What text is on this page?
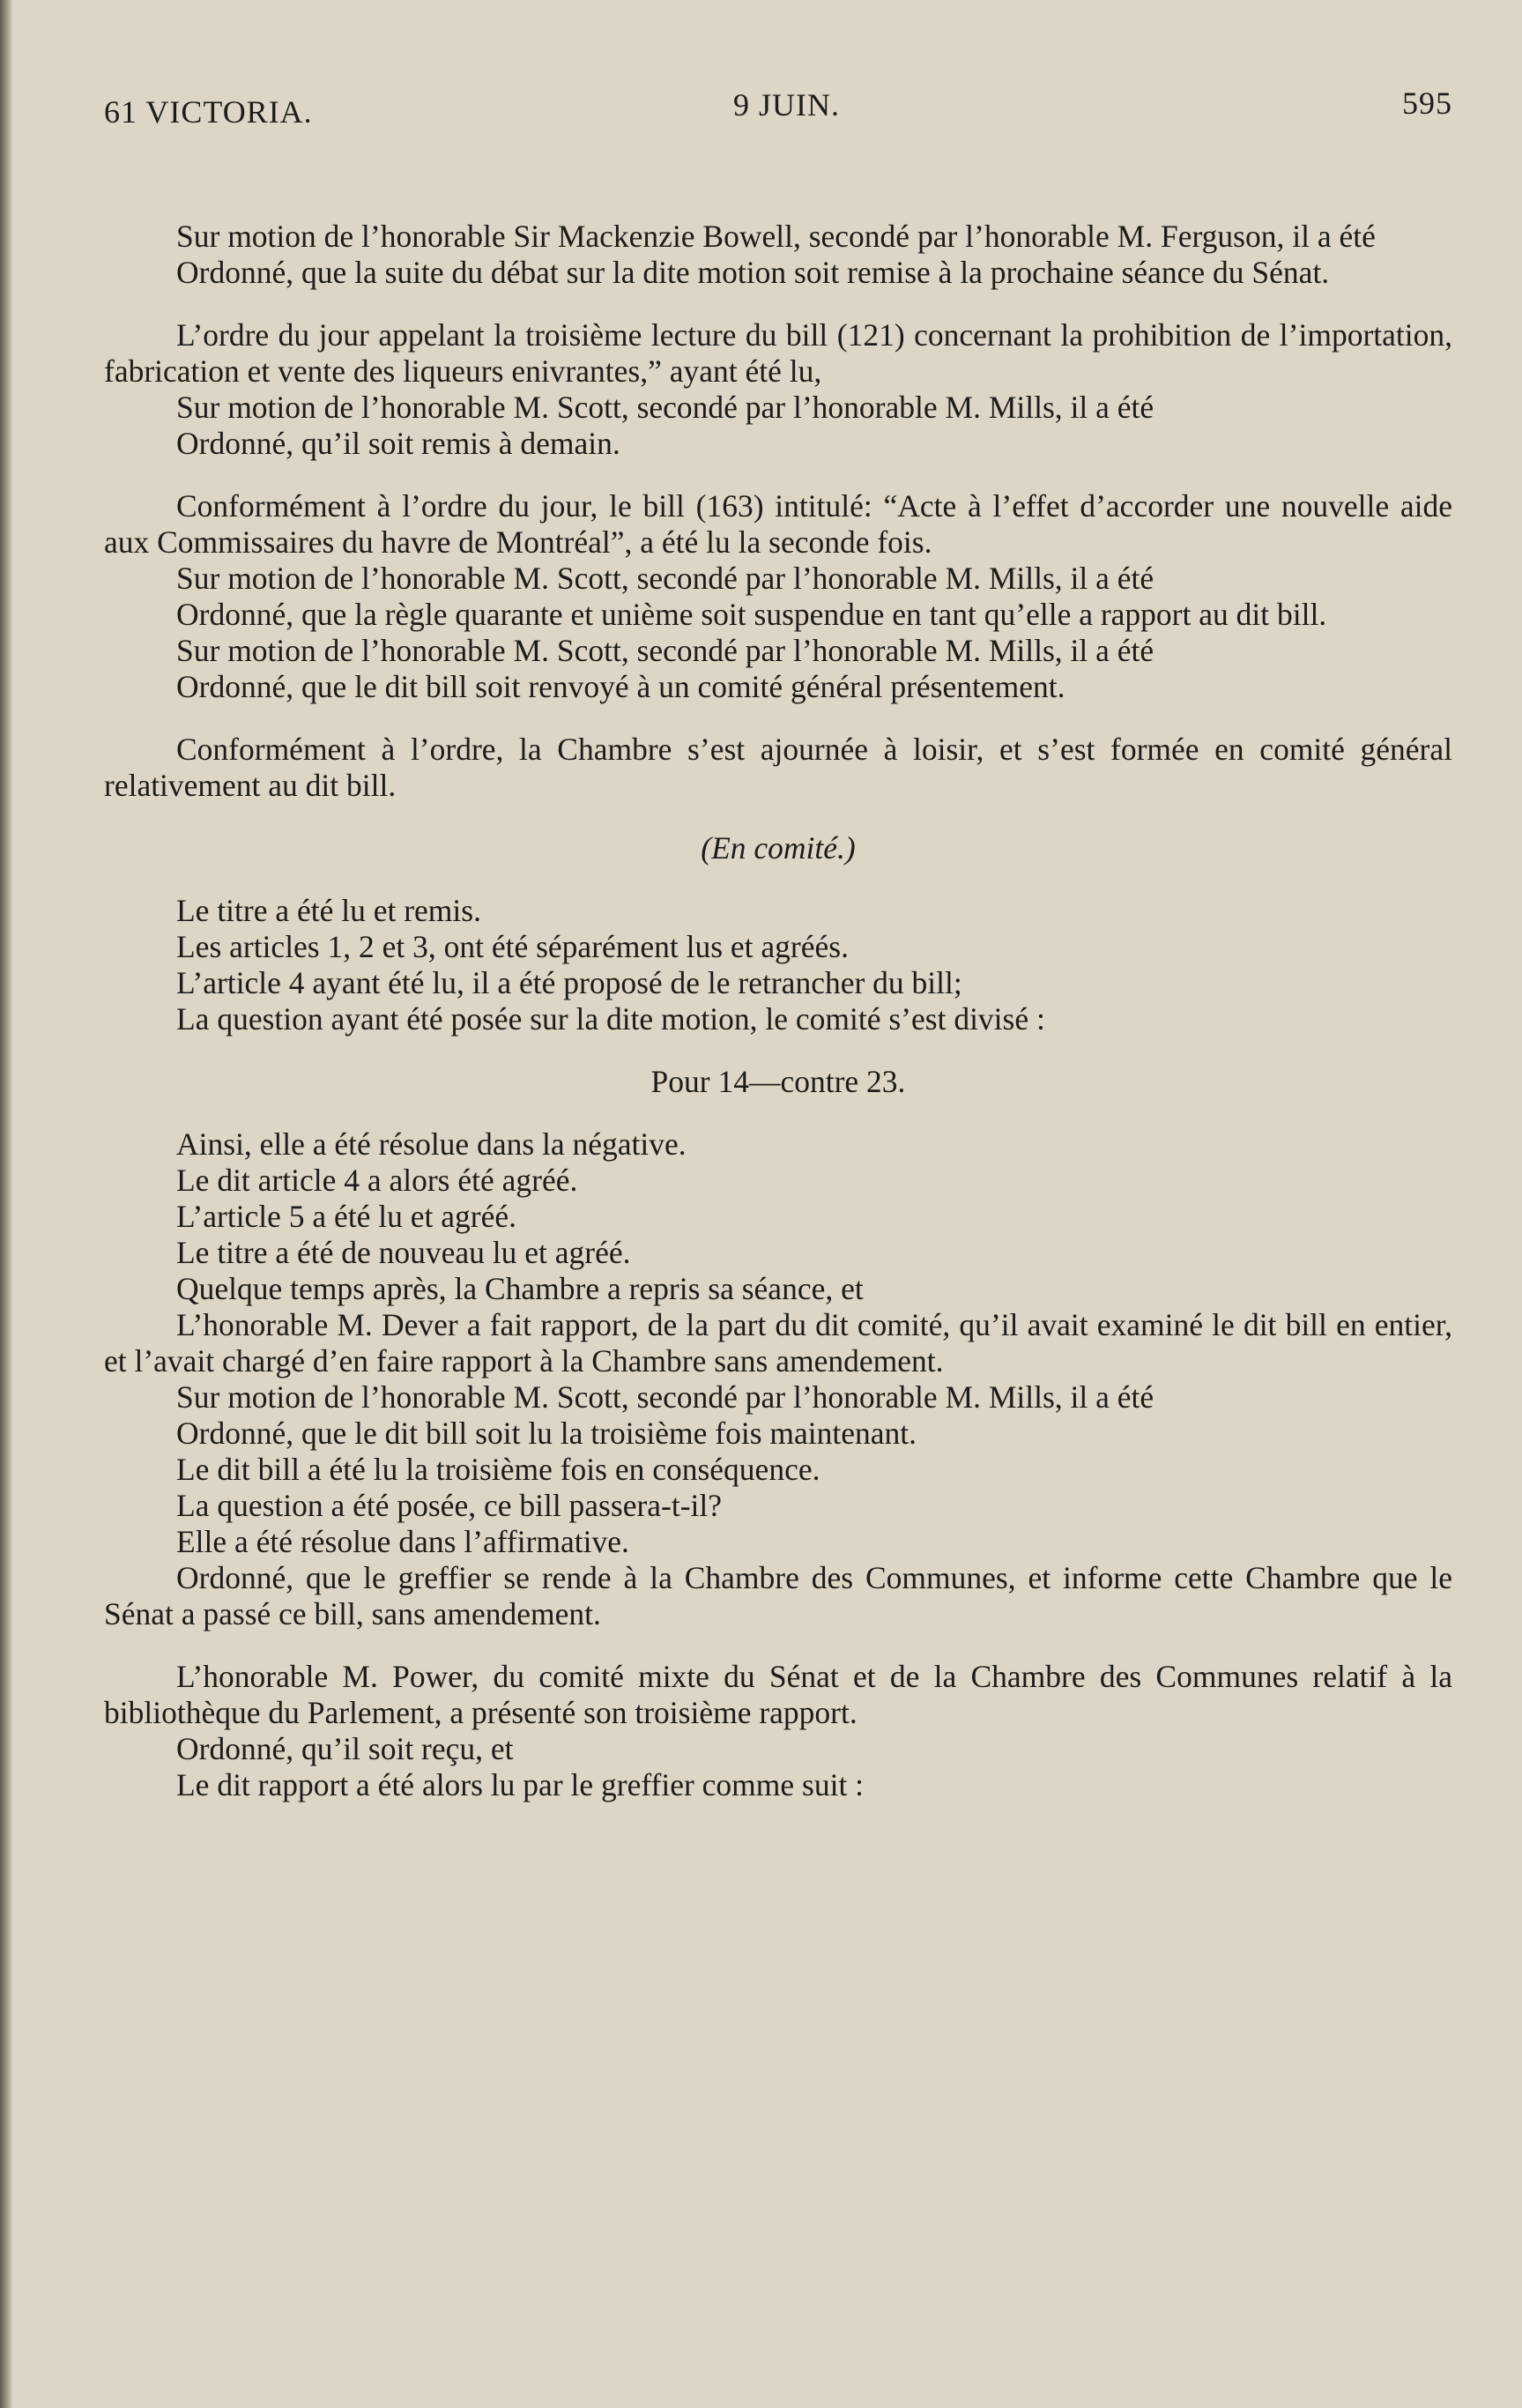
61 VICTORIA.	9 JUIN.	595

Sur motion de l’honorable Sir Mackenzie Bowell, secondé par l’honorable M. Ferguson, il a été

Ordonné, que la suite du débat sur la dite motion soit remise à la prochaine séance du Sénat.

L’ordre du jour appelant la troisième lecture du bill (121) concernant la prohibition de l’importation, fabrication et vente des liqueurs enivrantes,” ayant été lu,

Sur motion de l’honorable M. Scott, secondé par l’honorable M. Mills, il a été

Ordonné, qu’il soit remis à demain.

Conformément à l’ordre du jour, le bill (163) intitulé: “Acte à l’effet d’accorder une nouvelle aide aux Commissaires du havre de Montréal”, a été lu la seconde fois.

Sur motion de l’honorable M. Scott, secondé par l’honorable M. Mills, il a été

Ordonné, que la règle quarante et unième soit suspendue en tant qu’elle a rapport au dit bill.

Sur motion de l’honorable M. Scott, secondé par l’honorable M. Mills, il a été

Ordonné, que le dit bill soit renvoyé à un comité général présentement.

Conformément à l’ordre, la Chambre s’est ajournée à loisir, et s’est formée en comité général relativement au dit bill.

(En comité.)

Le titre a été lu et remis.

Les articles 1, 2 et 3, ont été séparément lus et agréés.

L’article 4 ayant été lu, il a été proposé de le retrancher du bill;

La question ayant été posée sur la dite motion, le comité s’est divisé :

Pour 14—contre 23.

Ainsi, elle a été résolue dans la négative.

Le dit article 4 a alors été agréé.

L’article 5 a été lu et agréé.

Le titre a été de nouveau lu et agréé.

Quelque temps après, la Chambre a repris sa séance, et

L’honorable M. Dever a fait rapport, de la part du dit comité, qu’il avait examiné le dit bill en entier, et l’avait chargé d’en faire rapport à la Chambre sans amendement.

Sur motion de l’honorable M. Scott, secondé par l’honorable M. Mills, il a été

Ordonné, que le dit bill soit lu la troisième fois maintenant.

Le dit bill a été lu la troisième fois en conséquence.

La question a été posée, ce bill passera-t-il?

Elle a été résolue dans l’affirmative.

Ordonné, que le greffier se rende à la Chambre des Communes, et informe cette Chambre que le Sénat a passé ce bill, sans amendement.

L’honorable M. Power, du comité mixte du Sénat et de la Chambre des Communes relatif à la bibliothèque du Parlement, a présenté son troisième rapport.

Ordonné, qu’il soit reçu, et

Le dit rapport a été alors lu par le greffier comme suit :
